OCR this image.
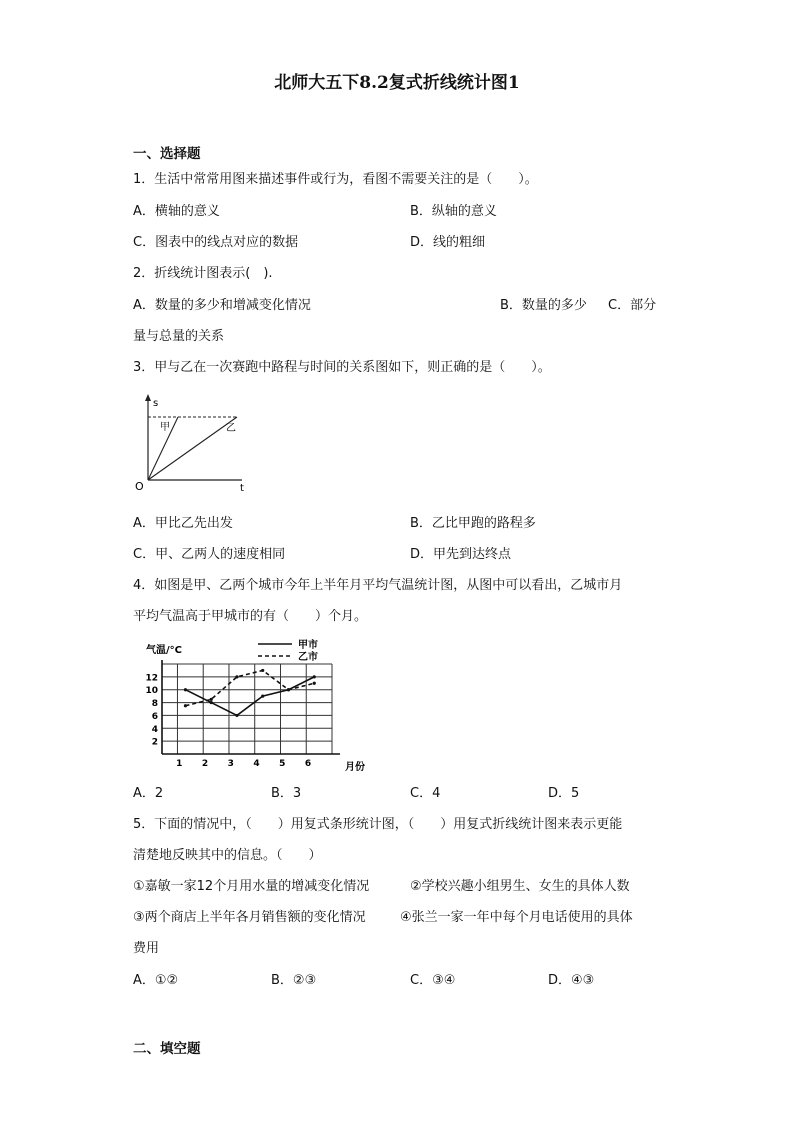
北师大五下8.2复式折线统计图1
一、选择题
1．生活中常常用图来描述事件或行为，看图不需要关注的是（　　）。
A．横轴的意义	B．纵轴的意义
C．图表中的线点对应的数据	D．线的粗细
2．折线统计图表示(　).
A．数量的多少和增减变化情况	B．数量的多少 C．部分
量与总量的关系
3．甲与乙在一次赛跑中路程与时间的关系图如下，则正确的是（　　）。
s
t
O
甲	乙
A．甲比乙先出发	B．乙比甲跑的路程多
C．甲、乙两人的速度相同	D．甲先到达终点
4．如图是甲、乙两个城市今年上半年月平均气温统计图，从图中可以看出，乙城市月
平均气温高于甲城市的有（　　）个月。
2
4
6
8
10
12
1 2 3 4 5 6
甲市
乙市
气温/°C
月份
A．2	B．3	C．4	D．5
5．下面的情况中，（　　）用复式条形统计图，（　　）用复式折线统计图来表示更能
清楚地反映其中的信息。（　　）
①嘉敏一家12个月用水量的增减变化情况	②学校兴趣小组男生、女生的具体人数
③两个商店上半年各月销售额的变化情况	④张兰一家一年中每个月电话使用的具体
费用
A．①②	B．②③	C．③④	D．④③
二、填空题
